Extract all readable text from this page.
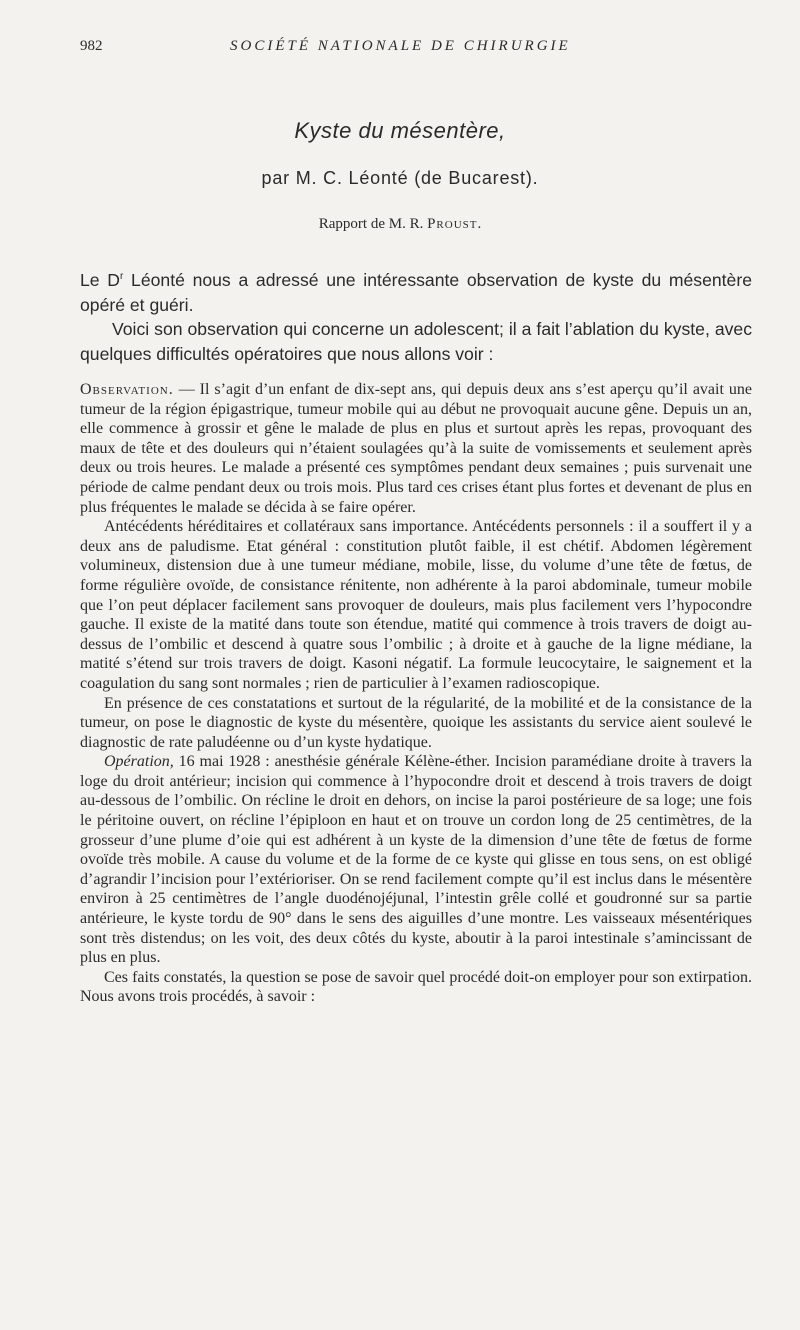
982	SOCIÉTÉ NATIONALE DE CHIRURGIE
Kyste du mésentère,
par M. C. Léonté (de Bucarest).
Rapport de M. R. Proust.

Le $D^r$ Léonté nous a adressé une intéressante observation de kyste du mésentère opéré et guéri.

Voici son observation qui concerne un adolescent; il a fait l’ablation du kyste, avec quelques difficultés opératoires que nous allons voir :

Observation. — Il s’agit d’un enfant de dix-sept ans, qui depuis deux ans s’est aperçu qu’il avait une tumeur de la région épigastrique, tumeur mobile qui au début ne provoquait aucune gêne. Depuis un an, elle commence à grossir et gêne le malade de plus en plus et surtout après les repas, provoquant des maux de tête et des douleurs qui n’étaient soulagées qu’à la suite de vomissements et seulement après deux ou trois heures. Le malade a présenté ces symptômes pendant deux semaines ; puis survenait une période de calme pendant deux ou trois mois. Plus tard ces crises étant plus fortes et devenant de plus en plus fréquentes le malade se décida à se faire opérer.

Antécédents héréditaires et collatéraux sans importance. Antécédents personnels : il a souffert il y a deux ans de paludisme. Etat général : constitution plutôt faible, il est chétif. Abdomen légèrement volumineux, distension due à une tumeur médiane, mobile, lisse, du volume d’une tête de fœtus, de forme régulière ovoïde, de consistance rénitente, non adhérente à la paroi abdominale, tumeur mobile que l’on peut déplacer facilement sans provoquer de douleurs, mais plus facilement vers l’hypocondre gauche. Il existe de la matité dans toute son étendue, matité qui commence à trois travers de doigt au-dessus de l’ombilic et descend à quatre sous l’ombilic ; à droite et à gauche de la ligne médiane, la matité s’étend sur trois travers de doigt. Kasoni négatif. La formule leucocytaire, le saignement et la coagulation du sang sont normales ; rien de particulier à l’examen radioscopique.

En présence de ces constatations et surtout de la régularité, de la mobilité et de la consistance de la tumeur, on pose le diagnostic de kyste du mésentère, quoique les assistants du service aient soulevé le diagnostic de rate paludéenne ou d’un kyste hydatique.

Opération, 16 mai 1928 : anesthésie générale Kélène-éther. Incision paramédiane droite à travers la loge du droit antérieur; incision qui commence à l’hypocondre droit et descend à trois travers de doigt au-dessous de l’ombilic. On récline le droit en dehors, on incise la paroi postérieure de sa loge; une fois le péritoine ouvert, on récline l’épiploon en haut et on trouve un cordon long de 25 centimètres, de la grosseur d’une plume d’oie qui est adhérent à un kyste de la dimension d’une tête de fœtus de forme ovoïde très mobile. A cause du volume et de la forme de ce kyste qui glisse en tous sens, on est obligé d’agrandir l’incision pour l’extérioriser. On se rend facilement compte qu’il est inclus dans le mésentère environ à 25 centimètres de l’angle duodénojéjunal, l’intestin grêle collé et goudronné sur sa partie antérieure, le kyste tordu de 90° dans le sens des aiguilles d’une montre. Les vaisseaux mésentériques sont très distendus; on les voit, des deux côtés du kyste, aboutir à la paroi intestinale s’amincissant de plus en plus.

Ces faits constatés, la question se pose de savoir quel procédé doit-on employer pour son extirpation. Nous avons trois procédés, à savoir :
